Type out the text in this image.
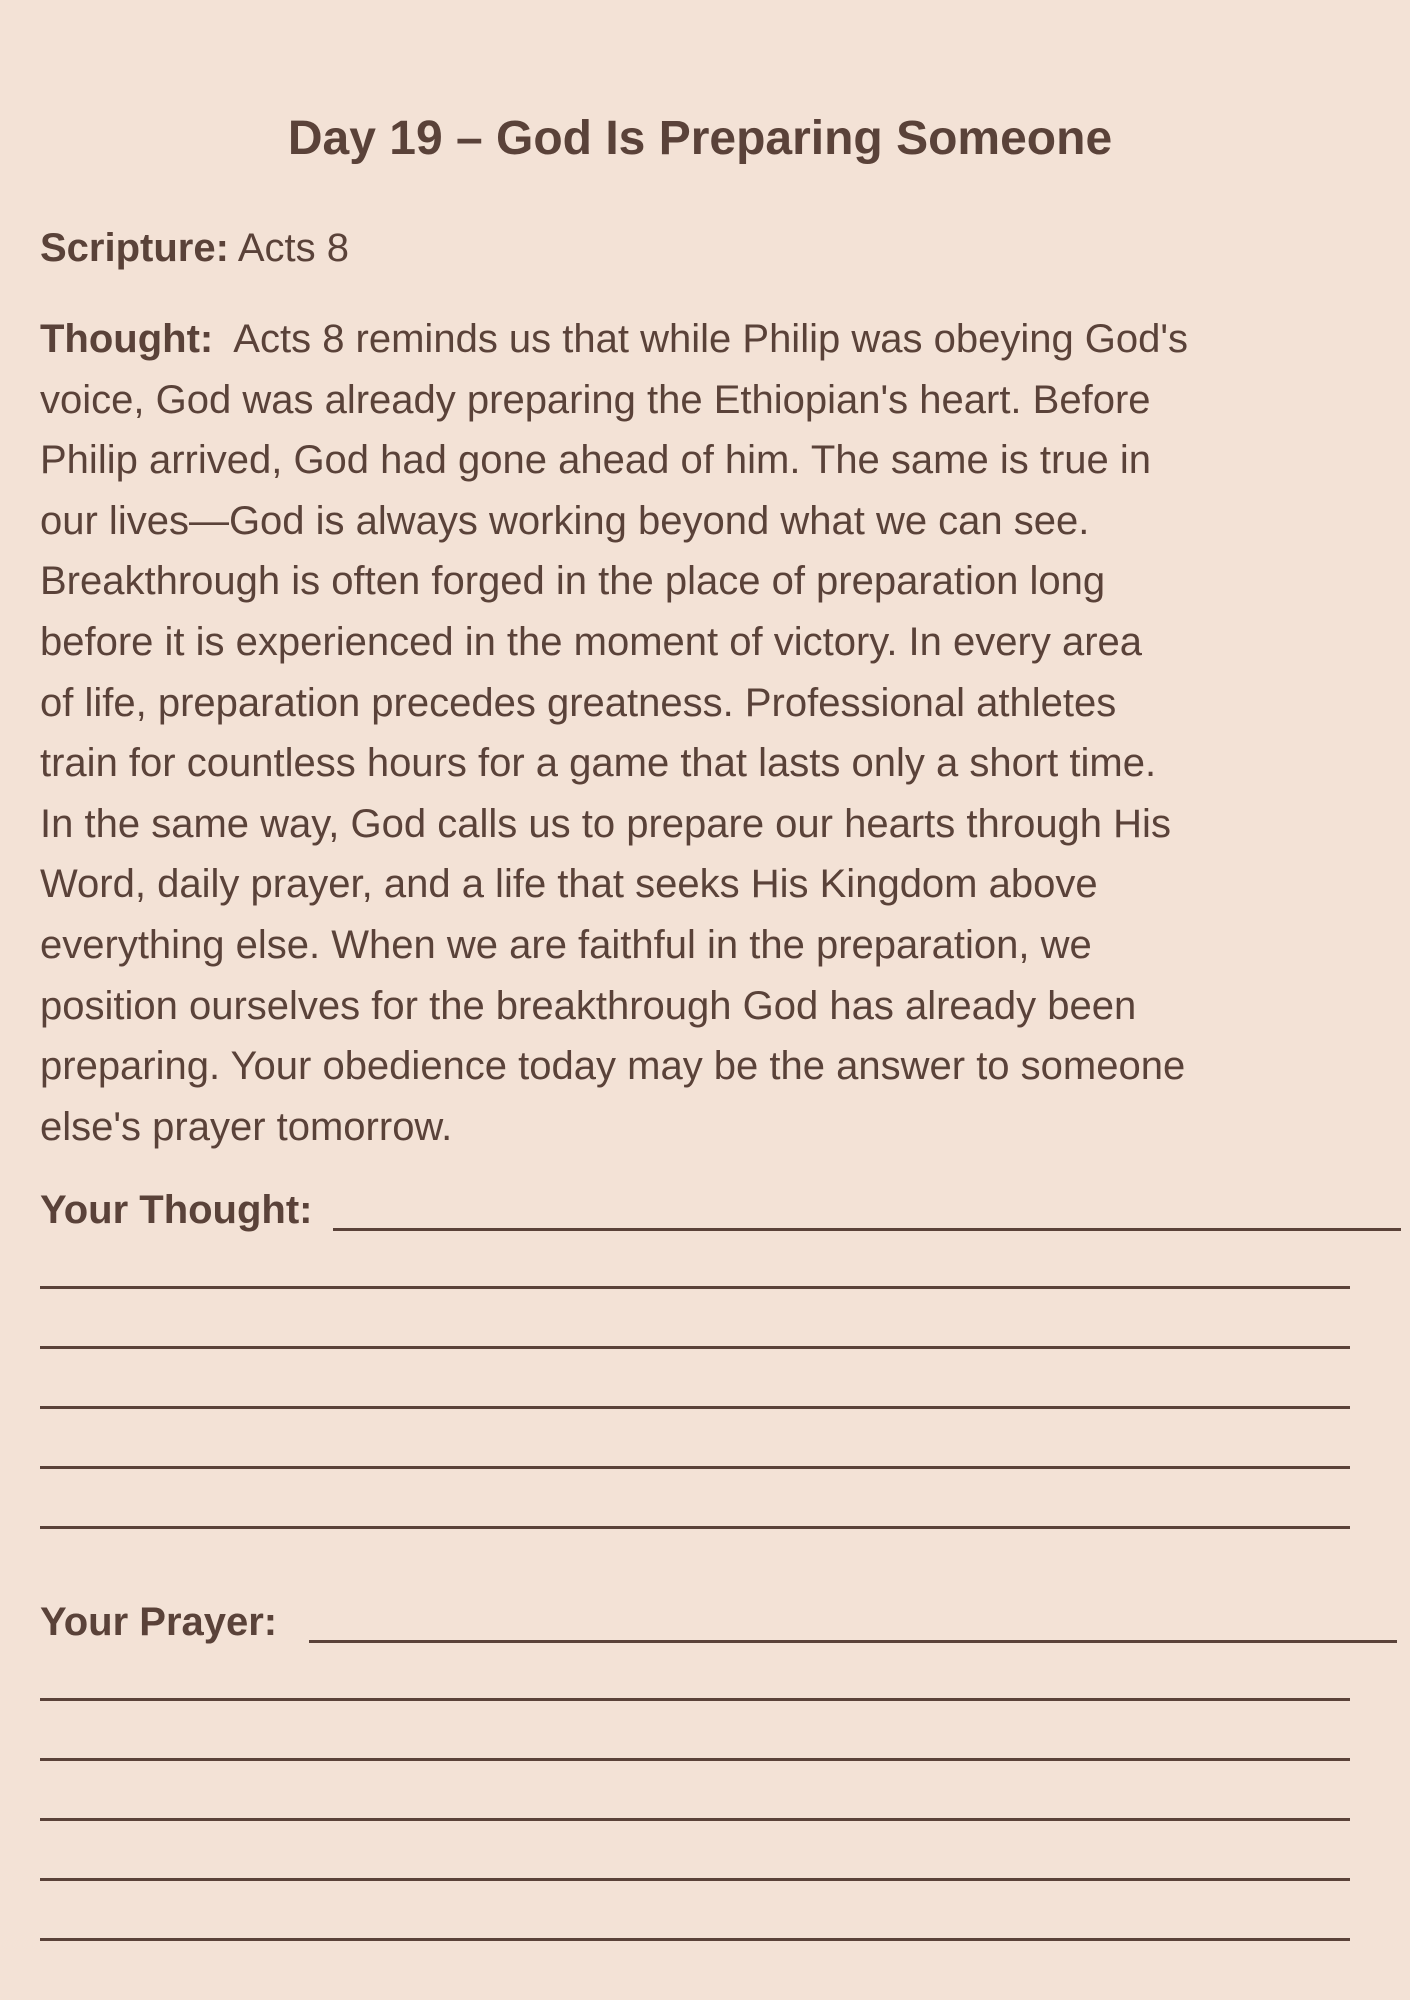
Day 19 – God Is Preparing Someone

Scripture: Acts 8

Thought: Acts 8 reminds us that while Philip was obeying God's
voice, God was already preparing the Ethiopian's heart. Before
Philip arrived, God had gone ahead of him. The same is true in
our lives—God is always working beyond what we can see.
Breakthrough is often forged in the place of preparation long
before it is experienced in the moment of victory. In every area
of life, preparation precedes greatness. Professional athletes
train for countless hours for a game that lasts only a short time.
In the same way, God calls us to prepare our hearts through His
Word, daily prayer, and a life that seeks His Kingdom above
everything else. When we are faithful in the preparation, we
position ourselves for the breakthrough God has already been
preparing. Your obedience today may be the answer to someone
else's prayer tomorrow.

Your Thought:

Your Prayer:
